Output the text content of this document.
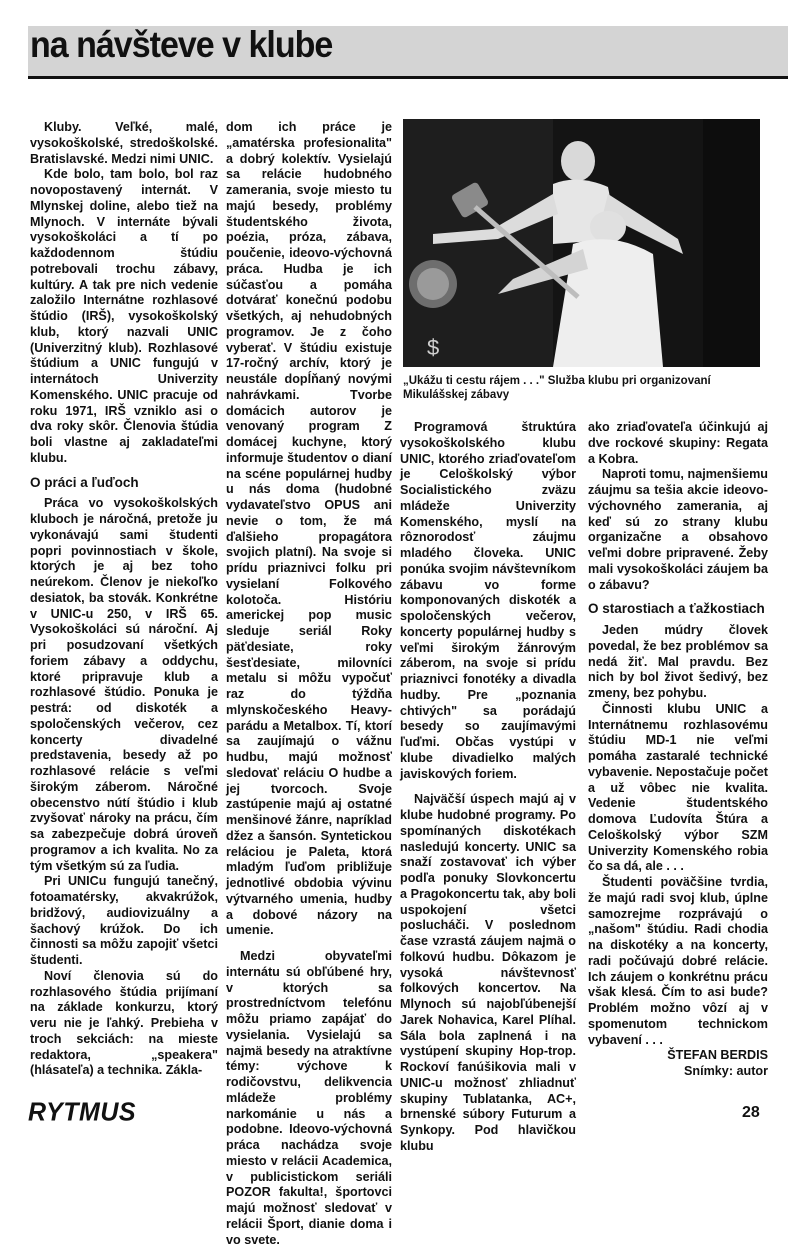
na návšteve v klube

Kluby. Veľké, malé, vysokoškolské, stredoškolské. Bratislavské. Medzi nimi UNIC.

Kde bolo, tam bolo, bol raz novopostavený internát. V Mlynskej doline, alebo tiež na Mlynoch. V internáte bývali vysokoškoláci a tí po každodennom štúdiu potrebovali trochu zábavy, kultúry. A tak pre nich vedenie založilo Internátne rozhlasové štúdio (IRŠ), vysokoškolský klub, ktorý nazvali UNIC (Univerzitný klub). Rozhlasové štúdium a UNIC fungujú v internátoch Univerzity Komenského. UNIC pracuje od roku 1971, IRŠ vzniklo asi o dva roky skôr. Členovia štúdia boli vlastne aj zakladateľmi klubu.

O práci a ľuďoch

Práca vo vysokoškolských kluboch je náročná, pretože ju vykonávajú sami študenti popri povinnostiach v škole, ktorých je aj bez toho neúrekom. Členov je niekoľko desiatok, ba stovák. Konkrétne v UNIC-u 250, v IRŠ 65. Vysokoškoláci sú nároční. Aj pri posudzovaní všetkých foriem zábavy a oddychu, ktoré pripravuje klub a rozhlasové štúdio. Ponuka je pestrá: od diskoték a spoločenských večerov, cez koncerty divadelné predstavenia, besedy až po rozhlasové relácie s veľmi širokým záberom. Náročné obecenstvo nútí štúdio i klub zvyšovať nároky na prácu, čím sa zabezpečuje dobrá úroveň programov a ich kvalita. No za tým všetkým sú za ľudia.

Pri UNICu fungujú tanečný, fotoamatérsky, akvakrúžok, bridžový, audiovizuálny a šachový krúžok. Do ich činnosti sa môžu zapojiť všetci študenti.

Noví členovia sú do rozhlasového štúdia prijímaní na základe konkurzu, ktorý veru nie je ľahký. Prebieha v troch sekciách: na mieste redaktora, „speakera" (hlásateľa) a technika. Zákla-

dom ich práce je „amatérska profesionalita" a dobrý kolektív. Vysielajú sa relácie hudobného zamerania, svoje miesto tu majú besedy, problémy študentského života, poézia, próza, zábava, poučenie, ideovo-výchovná práca. Hudba je ich súčasťou a pomáha dotvárať konečnú podobu všetkých, aj nehudobných programov. Je z čoho vyberať. V štúdiu existuje 17-ročný archív, ktorý je neustále dopĺňaný novými nahrávkami. Tvorbe domácich autorov je venovaný program Z domácej kuchyne, ktorý informuje študentov o dianí na scéne populárnej hudby u nás doma (hudobné vydavateľstvo OPUS ani nevie o tom, že má ďalšieho propagátora svojich platní). Na svoje si prídu priaznivci folku pri vysielaní Folkového kolotoča. Históriu americkej pop music sleduje seriál Roky päťdesiate, roky šesťdesiate, milovníci metalu si môžu vypočuť raz do týždňa mlynskočeského Heavy-parádu a Metalbox. Tí, ktorí sa zaujímajú o vážnu hudbu, majú možnosť sledovať reláciu O hudbe a jej tvorcoch. Svoje zastúpenie majú aj ostatné menšinové žánre, napríklad džez a šansón. Syntetickou reláciou je Paleta, ktorá mladým ľuďom približuje jednotlivé obdobia vývinu výtvarného umenia, hudby a dobové názory na umenie.

Medzi obyvateľmi internátu sú obľúbené hry, v ktorých sa prostredníctvom telefónu môžu priamo zapájať do vysielania. Vysielajú sa najmä besedy na atraktívne témy: výchove k rodičovstvu, delikvencia mládeže problémy narkománie u nás a podobne. Ideovo-výchovná práca nachádza svoje miesto v relácii Academica, v publicistickom seriáli POZOR fakulta!, športovci majú možnosť sledovať v relácii Šport, dianie doma i vo svete.

$
„Ukážu ti cestu rájem . . ." Služba klubu pri organizovaní Mikulášskej zábavy

Programová štruktúra vysokoškolského klubu UNIC, ktorého zriaďovateľom je Celoškolský výbor Socialistického zväzu mládeže Univerzity Komenského, myslí na rôznorodosť záujmu mladého človeka. UNIC ponúka svojim návštevníkom zábavu vo forme komponovaných diskoték a spoločenských večerov, koncerty populárnej hudby s veľmi širokým žánrovým záberom, na svoje si prídu priaznivci fonotéky a divadla hudby. Pre „poznania chtivých" sa porádajú besedy so zaujímavými ľuďmi. Občas vystúpi v klube divadielko malých javiskových foriem.

Najväčší úspech majú aj v klube hudobné programy. Po spomínaných diskotékach nasledujú koncerty. UNIC sa snaží zostavovať ich výber podľa ponuky Slovkoncertu a Pragokoncertu tak, aby boli uspokojení všetci poslucháči. V poslednom čase vzrastá záujem najmä o folkovú hudbu. Dôkazom je vysoká návštevnosť folkových koncertov. Na Mlynoch sú najobľúbenejší Jarek Nohavica, Karel Plíhal. Sála bola zaplnená i na vystúpení skupiny Hop-trop. Rockoví fanúšikovia mali v UNIC-u možnosť zhliadnuť skupiny Tublatanka, AC+, brnenské súbory Futurum a Synkopy. Pod hlavičkou klubu

ako zriaďovateľa účinkujú aj dve rockové skupiny: Regata a Kobra.

Naproti tomu, najmenšiemu záujmu sa tešia akcie ideovo-výchovného zamerania, aj keď sú zo strany klubu organizačne a obsahovo veľmi dobre pripravené. Žeby mali vysokoškoláci záujem ba o zábavu?

O starostiach a ťažkostiach

Jeden múdry človek povedal, že bez problémov sa nedá žiť. Mal pravdu. Bez nich by bol život šedivý, bez zmeny, bez pohybu.

Činnosti klubu UNIC a Internátnemu rozhlasovému štúdiu MD-1 nie veľmi pomáha zastaralé technické vybavenie. Nepostačuje počet a už vôbec nie kvalita. Vedenie študentského domova Ľudovíta Štúra a Celoškolský výbor SZM Univerzity Komenského robia čo sa dá, ale . . .

Študenti poväčšine tvrdia, že majú radi svoj klub, úplne samozrejme rozprávajú o „našom" štúdiu. Radi chodia na diskotéky a na koncerty, radi počúvajú dobré relácie. Ich záujem o konkrétnu prácu však klesá. Čím to asi bude? Problém možno vôzí aj v spomenutom technickom vybavení . . .

ŠTEFAN BERDIS

Snímky: autor

RYTMUS	28
